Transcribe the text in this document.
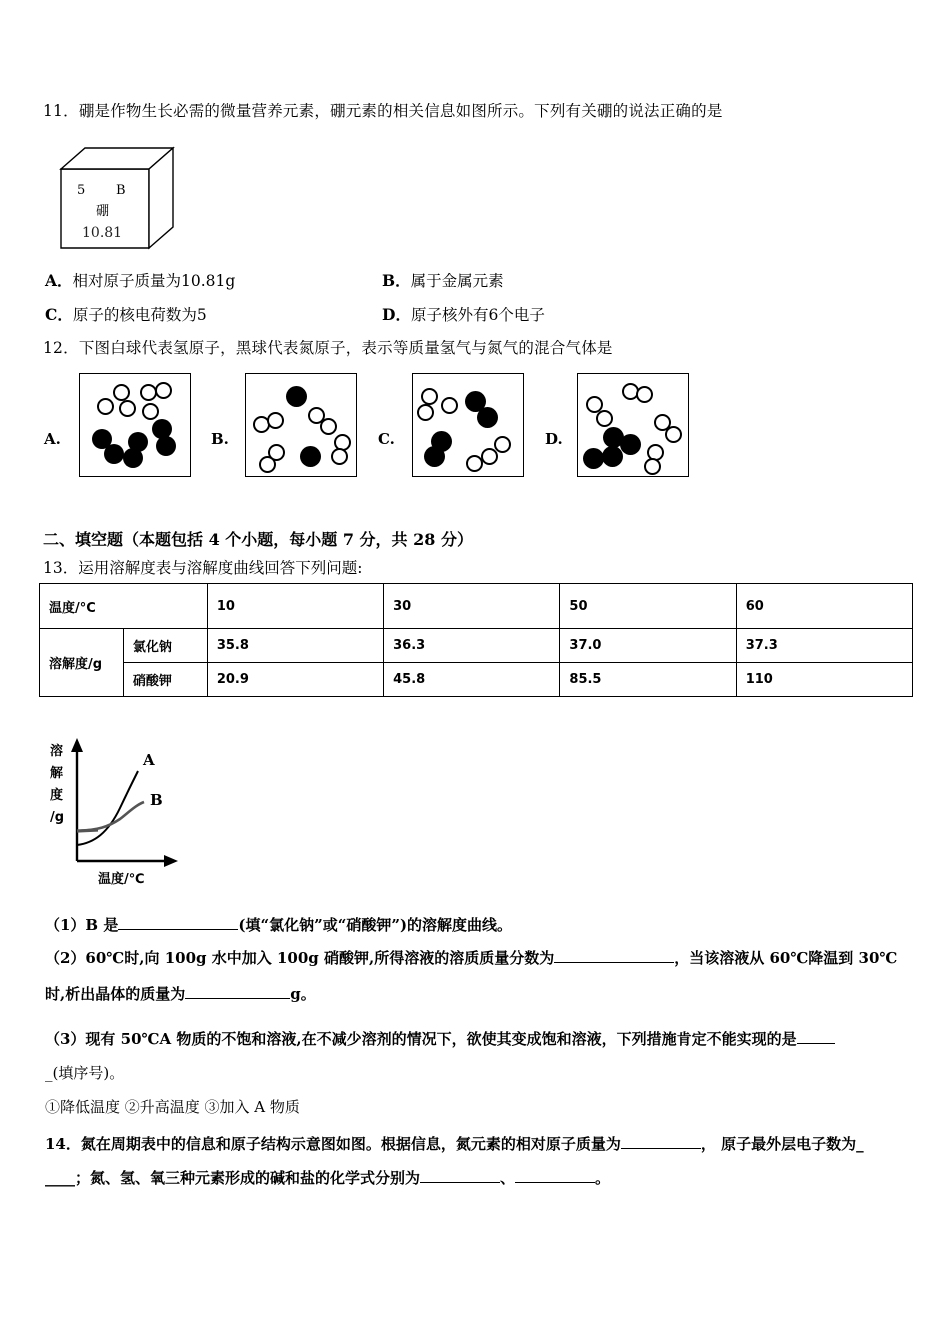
11．硼是作物生长必需的微量营养元素，硼元素的相关信息如图所示。下列有关硼的说法正确的是
5 B
硼
10.81
A．相对原子质量为10.81g	B．属于金属元素
C．原子的核电荷数为5	D．原子核外有6个电子
12．下图白球代表氢原子，黑球代表氮原子，表示等质量氢气与氮气的混合气体是
A.	B.	C.	D.
二、填空题（本题包括 4 个小题，每小题 7 分，共 28 分）
13．运用溶解度表与溶解度曲线回答下列问题:
温度/°C		10	30	50	60
溶解度/g	氯化钠	35.8	36.3	37.0	37.3
	硝酸钾	20.9	45.8	85.5	110
A
B
溶
解
度
/g
温度/℃
（1）B 是	(填“氯化钠”或“硝酸钾”)的溶解度曲线。
（2）60℃时,向 100g 水中加入 100g 硝酸钾,所得溶液的溶质质量分数为	，当该溶液从 60℃降温到 30℃
时,析出晶体的质量为	g。
（3）现有 50℃A 物质的不饱和溶液,在不减少溶剂的情况下，欲使其变成饱和溶液，下列措施肯定不能实现的是
_(填序号)。
①降低温度 ②升高温度 ③加入 A 物质
14．氮在周期表中的信息和原子结构示意图如图。根据信息，氮元素的相对原子质量为	， 原子最外层电子数为_
____；氮、氢、氧三种元素形成的碱和盐的化学式分别为	、	。
